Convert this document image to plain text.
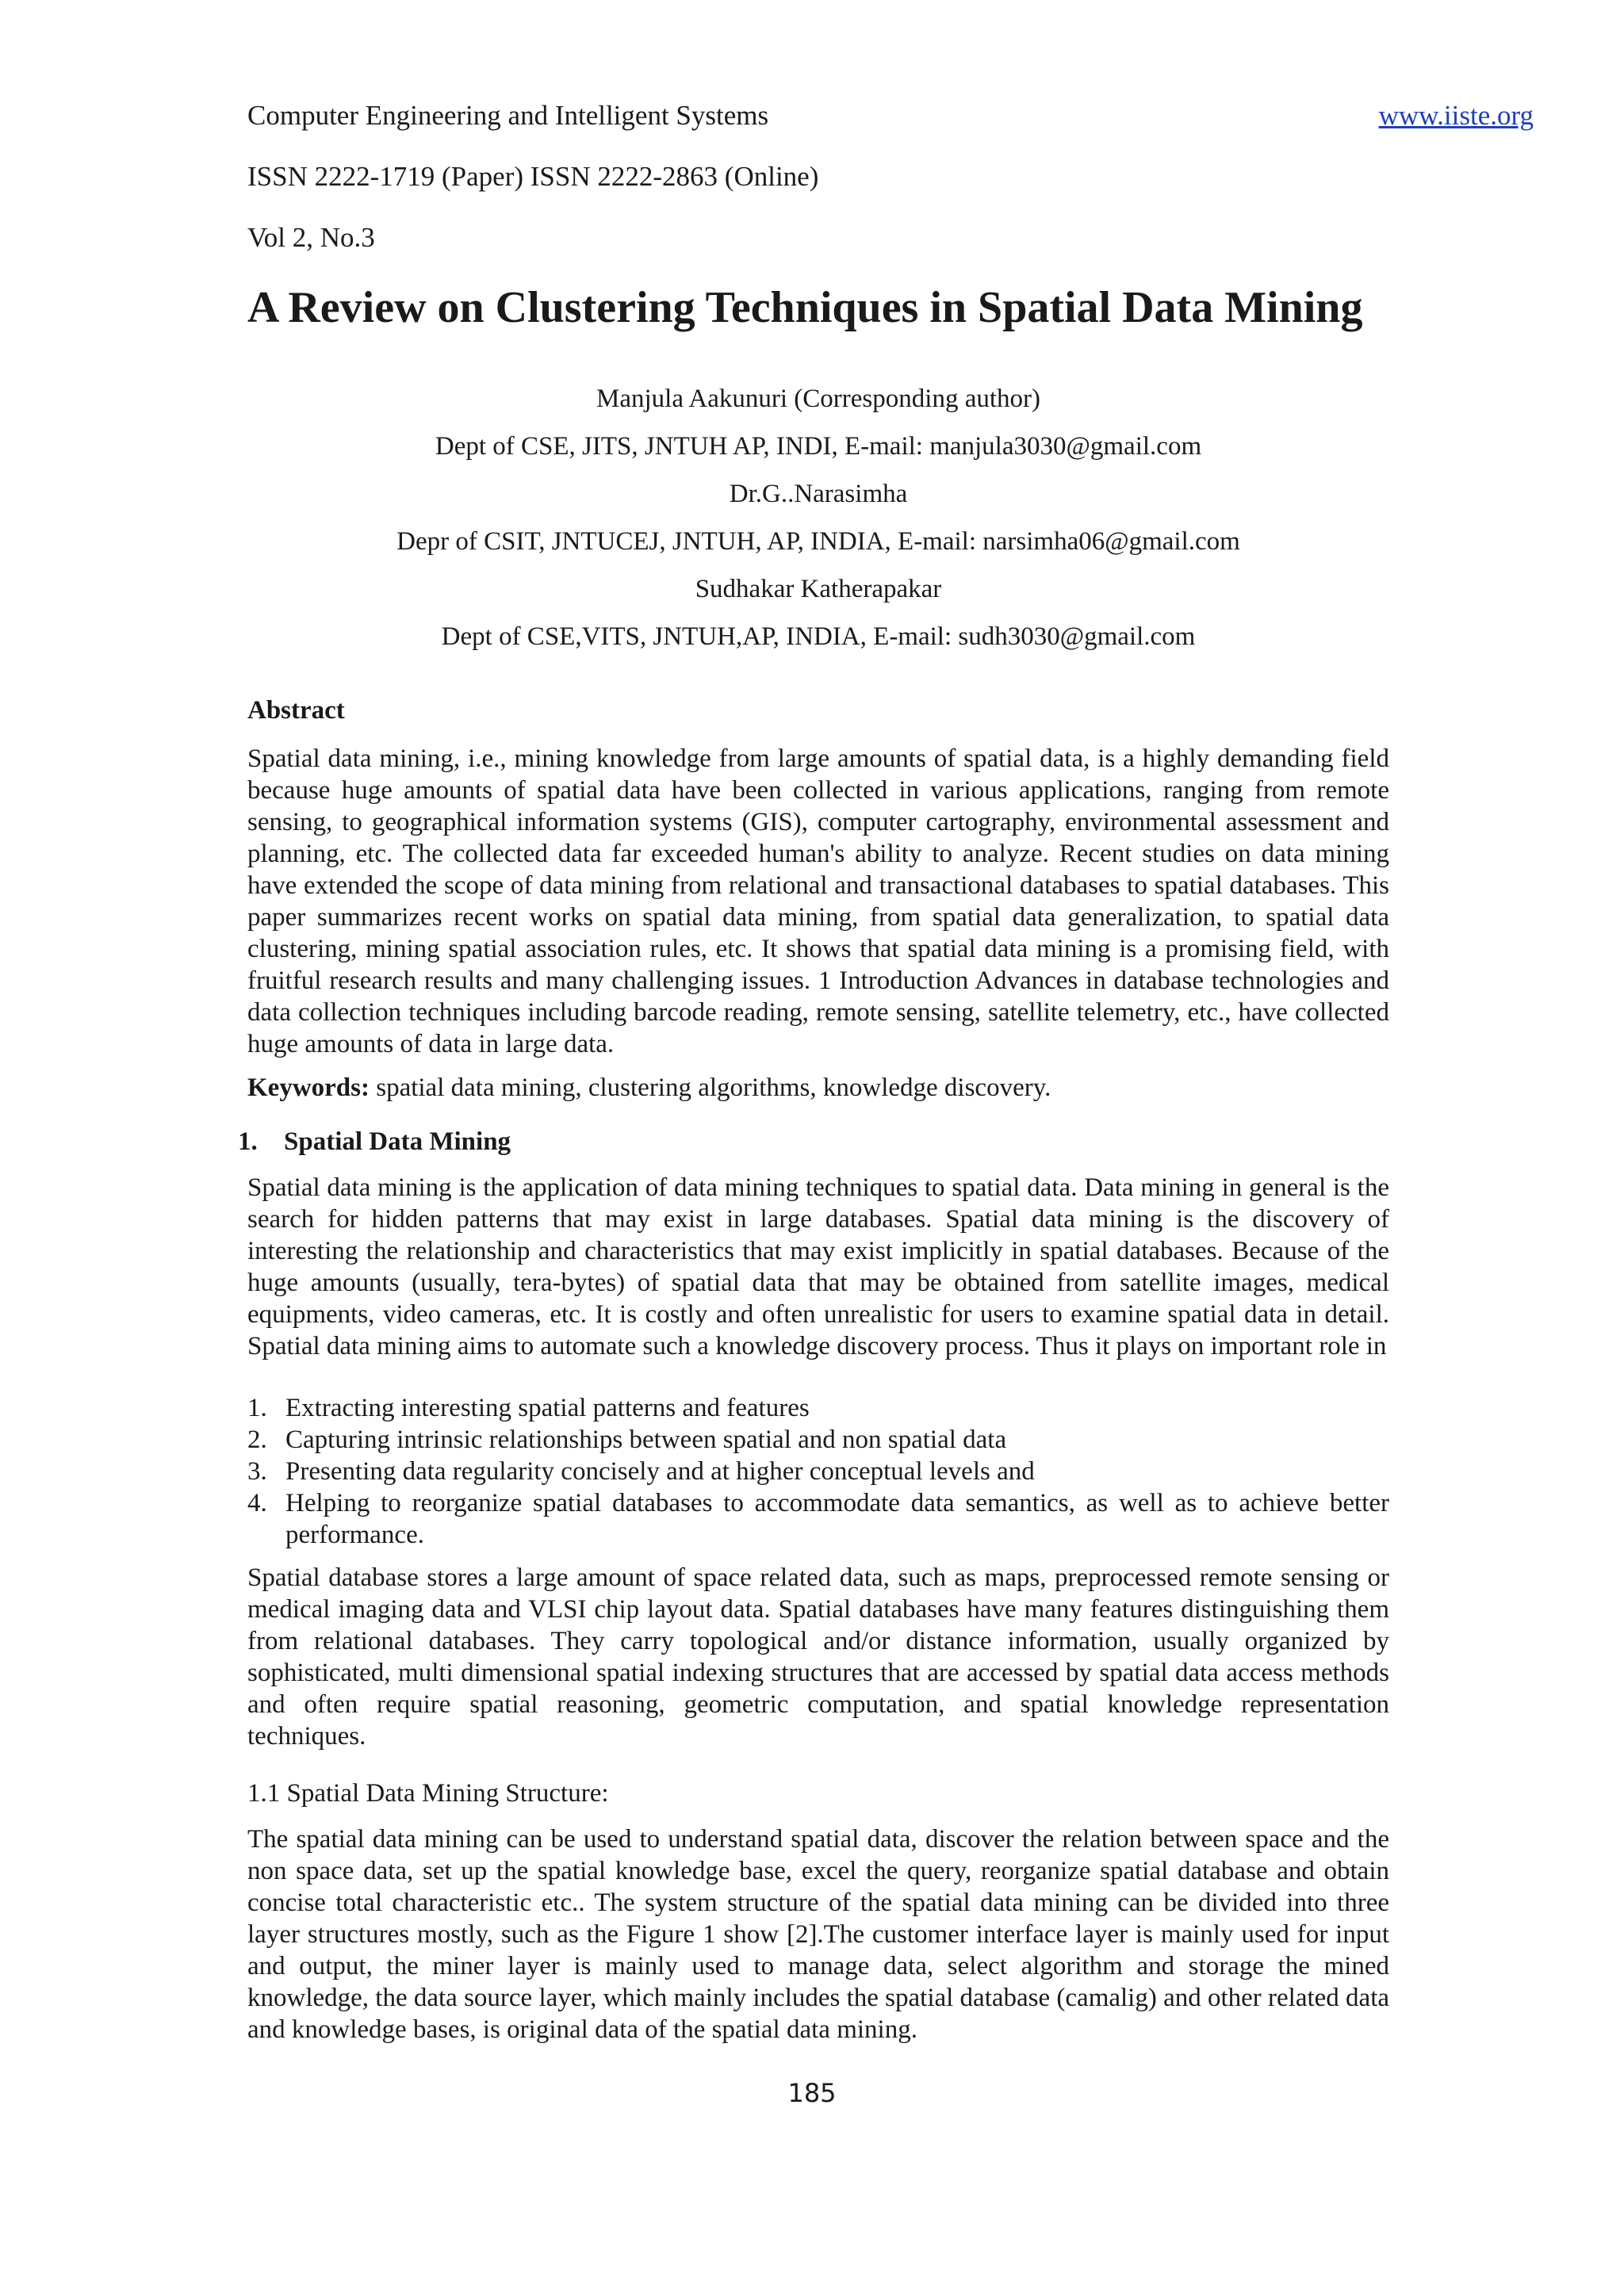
Computer Engineering and Intelligent Systems	www.iiste.org
ISSN 2222-1719 (Paper) ISSN 2222-2863 (Online)
Vol 2, No.3
A Review on Clustering Techniques in Spatial Data Mining
Manjula Aakunuri (Corresponding author)
Dept of CSE, JITS, JNTUH AP, INDI, E-mail: manjula3030@gmail.com
Dr.G..Narasimha
Depr of CSIT, JNTUCEJ, JNTUH, AP, INDIA, E-mail: narsimha06@gmail.com
Sudhakar Katherapakar
Dept of CSE,VITS, JNTUH,AP, INDIA, E-mail: sudh3030@gmail.com
Abstract
Spatial data mining, i.e., mining knowledge from large amounts of spatial data, is a highly demanding field because huge amounts of spatial data have been collected in various applications, ranging from remote sensing, to geographical information systems (GIS), computer cartography, environmental assessment and planning, etc. The collected data far exceeded human's ability to analyze. Recent studies on data mining have extended the scope of data mining from relational and transactional databases to spatial databases. This paper summarizes recent works on spatial data mining, from spatial data generalization, to spatial data clustering, mining spatial association rules, etc. It shows that spatial data mining is a promising field, with fruitful research results and many challenging issues. 1 Introduction Advances in database technologies and data collection techniques including barcode reading, remote sensing, satellite telemetry, etc., have collected huge amounts of data in large data.
Keywords: spatial data mining, clustering algorithms, knowledge discovery.
1. Spatial Data Mining
Spatial data mining is the application of data mining techniques to spatial data. Data mining in general is the search for hidden patterns that may exist in large databases. Spatial data mining is the discovery of interesting the relationship and characteristics that may exist implicitly in spatial databases. Because of the huge amounts (usually, tera-bytes) of spatial data that may be obtained from satellite images, medical equipments, video cameras, etc. It is costly and often unrealistic for users to examine spatial data in detail. Spatial data mining aims to automate such a knowledge discovery process. Thus it plays on important role in
1. Extracting interesting spatial patterns and features
2. Capturing intrinsic relationships between spatial and non spatial data
3. Presenting data regularity concisely and at higher conceptual levels and
4. Helping to reorganize spatial databases to accommodate data semantics, as well as to achieve better performance.
Spatial database stores a large amount of space related data, such as maps, preprocessed remote sensing or medical imaging data and VLSI chip layout data. Spatial databases have many features distinguishing them from relational databases. They carry topological and/or distance information, usually organized by sophisticated, multi dimensional spatial indexing structures that are accessed by spatial data access methods and often require spatial reasoning, geometric computation, and spatial knowledge representation techniques.
1.1 Spatial Data Mining Structure:
The spatial data mining can be used to understand spatial data, discover the relation between space and the non space data, set up the spatial knowledge base, excel the query, reorganize spatial database and obtain concise total characteristic etc.. The system structure of the spatial data mining can be divided into three layer structures mostly, such as the Figure 1 show [2].The customer interface layer is mainly used for input and output, the miner layer is mainly used to manage data, select algorithm and storage the mined knowledge, the data source layer, which mainly includes the spatial database (camalig) and other related data and knowledge bases, is original data of the spatial data mining.
185
